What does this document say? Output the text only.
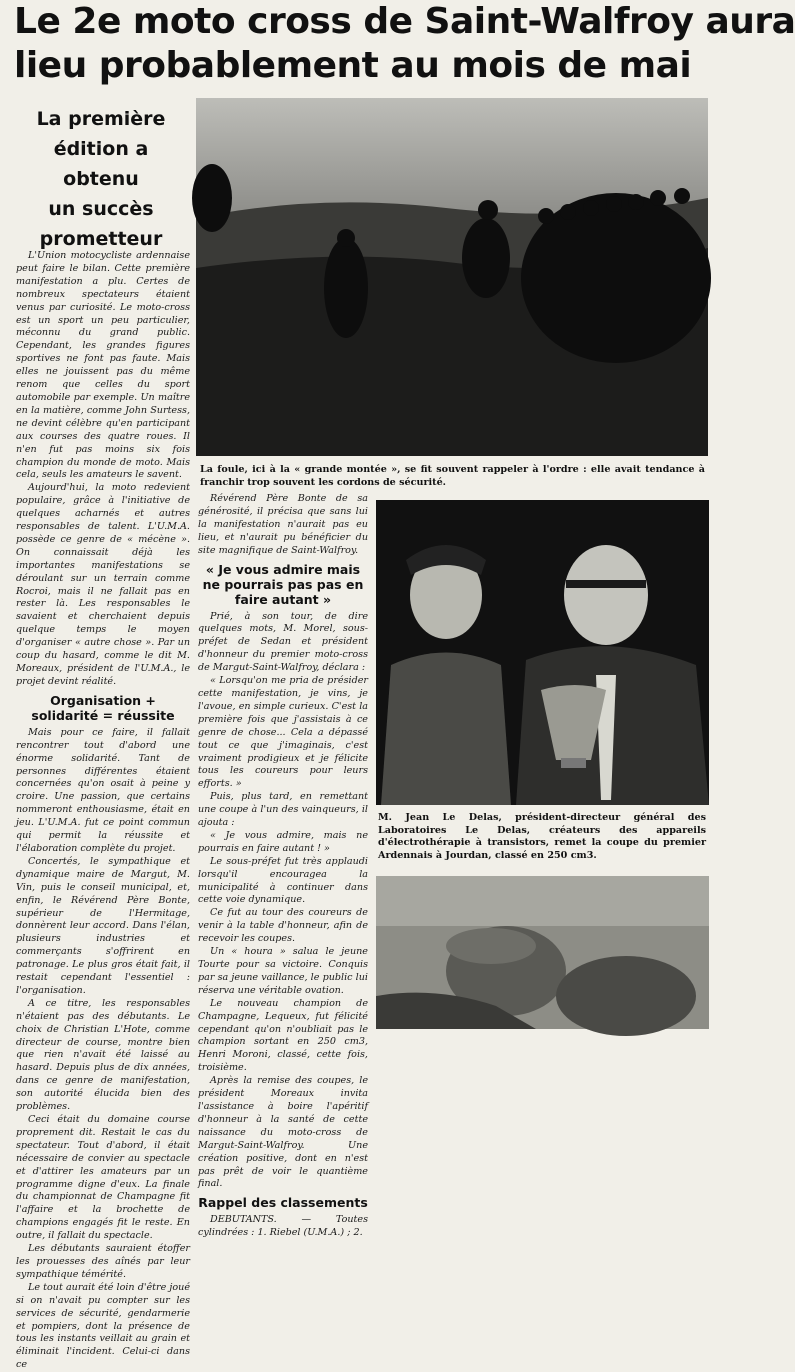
Le 2e moto cross de Saint-Walfroy aura
lieu probablement au mois de mai
La première
édition a obtenu
un succès
prometteur

L'Union motocycliste ardennaise peut faire le bilan. Cette première manifestation a plu. Certes de nombreux spectateurs étaient venus par curiosité. Le moto-cross est un sport un peu particulier, méconnu du grand public. Cependant, les grandes figures sportives ne font pas faute. Mais elles ne jouissent pas du même renom que celles du sport automobile par exemple. Un maître en la matière, comme John Surtess, ne devint célèbre qu'en participant aux courses des quatre roues. Il n'en fut pas moins six fois champion du monde de moto. Mais cela, seuls les amateurs le savent.

Aujourd'hui, la moto redevient populaire, grâce à l'initiative de quelques acharnés et autres responsables de talent. L'U.M.A. possède ce genre de « mécène ». On connaissait déjà les importantes manifestations se déroulant sur un terrain comme Rocroi, mais il ne fallait pas en rester là. Les responsables le savaient et cherchaient depuis quelque temps le moyen d'organiser « autre chose ». Par un coup du hasard, comme le dit M. Moreaux, président de l'U.M.A., le projet devint réalité.

Organisation + solidarité = réussite

Mais pour ce faire, il fallait rencontrer tout d'abord une énorme solidarité. Tant de personnes différentes étaient concernées qu'on osait à peine y croire. Une passion, que certains nommeront enthousiasme, était en jeu. L'U.M.A. fut ce point commun qui permit la réussite et l'élaboration complète du projet.

Concertés, le sympathique et dynamique maire de Margut, M. Vin, puis le conseil municipal, et, enfin, le Révérend Père Bonte, supérieur de l'Hermitage, donnèrent leur accord. Dans l'élan, plusieurs industries et commerçants s'offrirent en patronage. Le plus gros était fait, il restait cependant l'essentiel : l'organisation.

A ce titre, les responsables n'étaient pas des débutants. Le choix de Christian L'Hote, comme directeur de course, montre bien que rien n'avait été laissé au hasard. Depuis plus de dix années, dans ce genre de manifestation, son autorité élucida bien des problèmes.

Ceci était du domaine course proprement dit. Restait le cas du spectateur. Tout d'abord, il était nécessaire de convier au spectacle et d'attirer les amateurs par un programme digne d'eux. La finale du championnat de Champagne fit l'affaire et la brochette de champions engagés fit le reste. En outre, il fallait du spectacle.

Les débutants sauraient étoffer les prouesses des aînés par leur sympathique témérité.

Le tout aurait été loin d'être joué si on n'avait pu compter sur les services de sécurité, gendarmerie et pompiers, dont la présence de tous les instants veillait au grain et éliminait l'incident. Celui-ci dans ce

La foule, ici à la « grande montée », se fit souvent rappeler à l'ordre : elle avait tendance à franchir trop souvent les cordons de sécurité.

Révérend Père Bonte de sa générosité, il précisa que sans lui la manifestation n'aurait pas eu lieu, et n'aurait pu bénéficier du site magnifique de Saint-Walfroy.

« Je vous admire mais ne pourrais pas pas en faire autant »

Prié, à son tour, de dire quelques mots, M. Morel, sous-préfet de Sedan et président d'honneur du premier moto-cross de Margut-Saint-Walfroy, déclara :

« Lorsqu'on me pria de présider cette manifestation, je vins, je l'avoue, en simple curieux. C'est la première fois que j'assistais à ce genre de chose... Cela a dépassé tout ce que j'imaginais, c'est vraiment prodigieux et je félicite tous les coureurs pour leurs efforts. »

Puis, plus tard, en remettant une coupe à l'un des vainqueurs, il ajouta :

« Je vous admire, mais ne pourrais en faire autant ! »

Le sous-préfet fut très applaudi lorsqu'il encouragea la municipalité à continuer dans cette voie dynamique.

Ce fut au tour des coureurs de venir à la table d'honneur, afin de recevoir les coupes.

Un « houra » salua le jeune Tourte pour sa victoire. Conquis par sa jeune vaillance, le public lui réserva une véritable ovation.

Le nouveau champion de Champagne, Lequeux, fut félicité cependant qu'on n'oubliait pas le champion sortant en 250 cm3, Henri Moroni, classé, cette fois, troisième.

Après la remise des coupes, le président Moreaux invita l'assistance à boire l'apéritif d'honneur à la santé de cette naissance du moto-cross de Margut-Saint-Walfroy. Une création positive, dont en n'est pas prêt de voir le quantième final.

Rappel des classements

DEBUTANTS. — Toutes cylindrées : 1. Riebel (U.M.A.) ; 2.

M. Jean Le Delas, président-directeur général des Laboratoires Le Delas, créateurs des appareils d'électrothérapie à transistors, remet la coupe du premier Ardennais à Jourdan, classé en 250 cm3.
